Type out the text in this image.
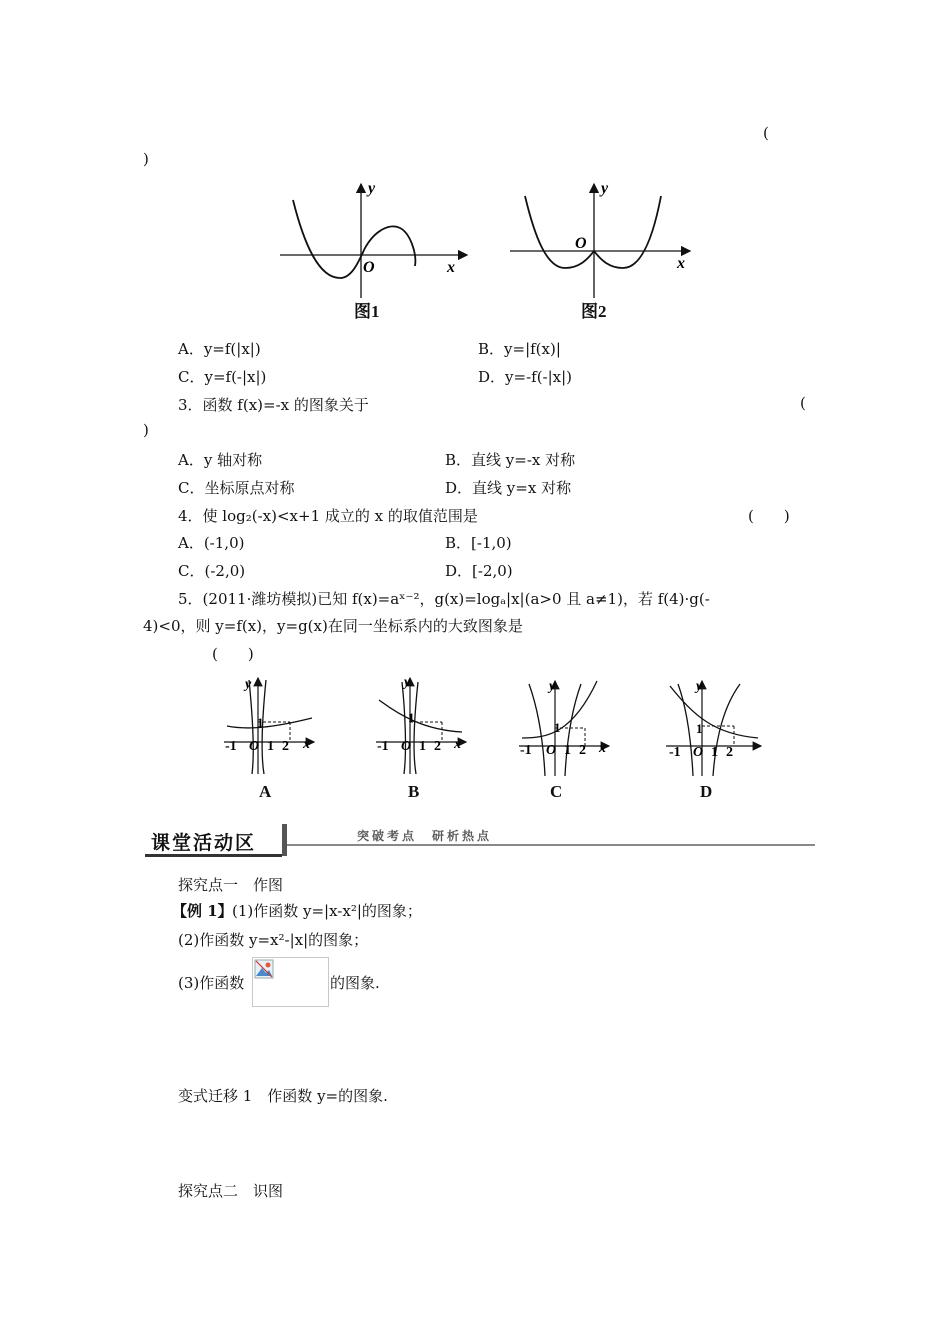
(
)
y
x
O
图1
y
x
O
图2
A．y=f(|x|)	B．y=|f(x)|
C．y=f(-|x|)	D．y=-f(-|x|)
3．函数 f(x)=-x 的图象关于	(
)
A．y 轴对称	B．直线 y=-x 对称
C．坐标原点对称	D．直线 y=x 对称
4．使 log₂(-x)<x+1 成立的 x 的取值范围是	(　　)
A．(-1,0)	B．[-1,0)
C．(-2,0)	D．[-2,0)
5．(2011·潍坊模拟)已知 f(x)=aˣ⁻²，g(x)=logₐ|x|(a>0 且 a≠1)，若 f(4)·g(-
4)<0，则 y=f(x)，y=g(x)在同一坐标系内的大致图象是
(　　)
y
1
-1 O 1 2 x
y
1
-1 O 1 2 x
y
1
-1 O 1 2 x
y
1
-1 O 1 2
A	B	C	D
课堂活动区	突破考点　研析热点
探究点一　作图
【例 1】 (1)作函数 y=|x-x²|的图象；
(2)作函数 y=x²-|x|的图象；
(3)作函数	的图象.
变式迁移 1　作函数 y=的图象.
探究点二　识图
